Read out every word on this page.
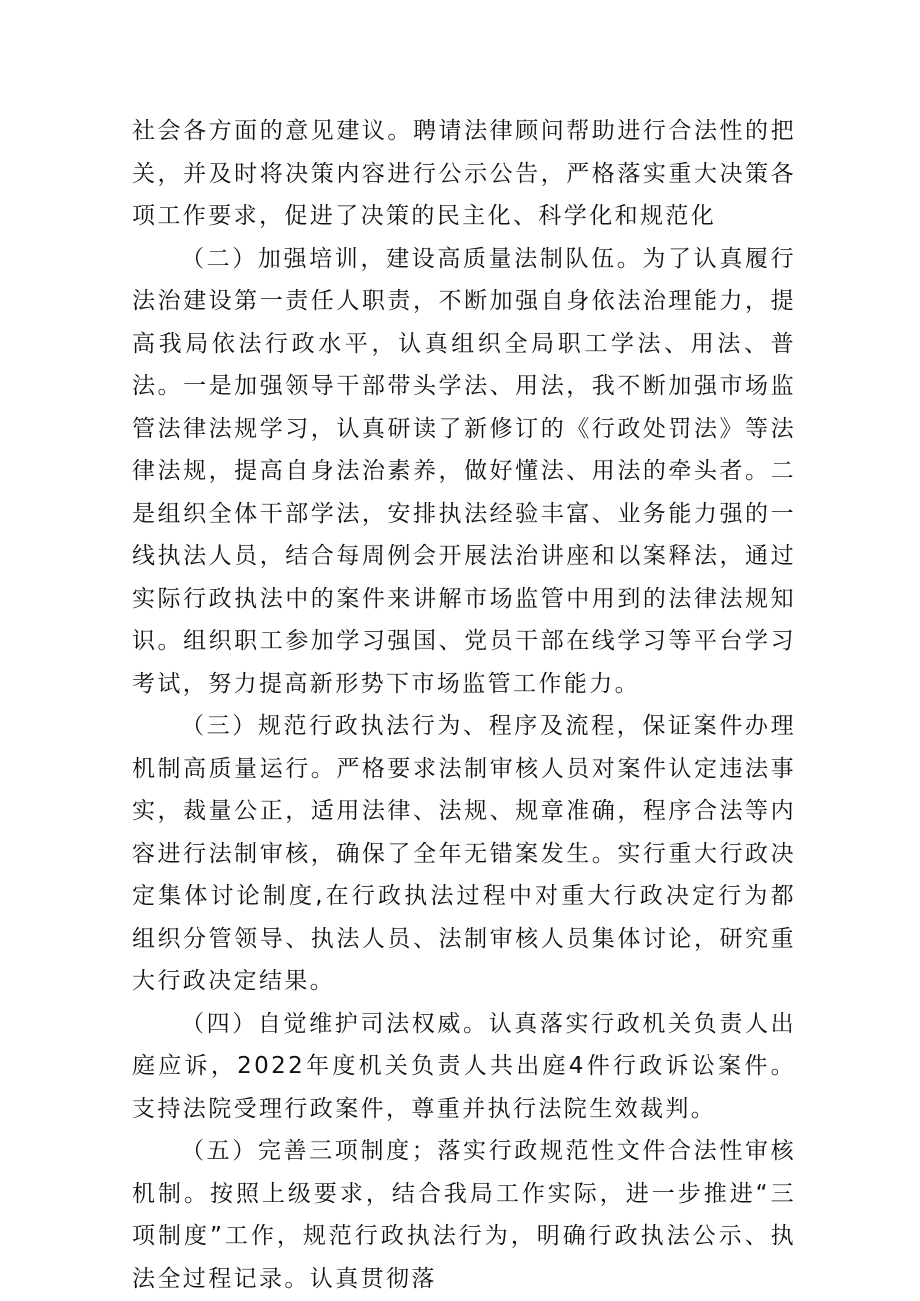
社会各方面的意见建议。聘请法律顾问帮助进行合法性的把关，并及时将决策内容进行公示公告，严格落实重大决策各项工作要求，促进了决策的民主化、科学化和规范化

（二）加强培训，建设高质量法制队伍。为了认真履行法治建设第一责任人职责，不断加强自身依法治理能力，提高我局依法行政水平，认真组织全局职工学法、用法、普法。一是加强领导干部带头学法、用法，我不断加强市场监管法律法规学习，认真研读了新修订的《行政处罚法》等法律法规，提高自身法治素养，做好懂法、用法的牵头者。二是组织全体干部学法，安排执法经验丰富、业务能力强的一线执法人员，结合每周例会开展法治讲座和以案释法，通过实际行政执法中的案件来讲解市场监管中用到的法律法规知识。组织职工参加学习强国、党员干部在线学习等平台学习考试，努力提高新形势下市场监管工作能力。

（三）规范行政执法行为、程序及流程，保证案件办理机制高质量运行。严格要求法制审核人员对案件认定违法事实，裁量公正，适用法律、法规、规章准确，程序合法等内容进行法制审核，确保了全年无错案发生。实行重大行政决定集体讨论制度,在行政执法过程中对重大行政决定行为都组织分管领导、执法人员、法制审核人员集体讨论，研究重大行政决定结果。

（四）自觉维护司法权威。认真落实行政机关负责人出庭应诉，2022年度机关负责人共出庭4件行政诉讼案件。支持法院受理行政案件，尊重并执行法院生效裁判。

（五）完善三项制度；落实行政规范性文件合法性审核机制。按照上级要求，结合我局工作实际，进一步推进“三项制度”工作，规范行政执法行为，明确行政执法公示、执法全过程记录。认真贯彻落
